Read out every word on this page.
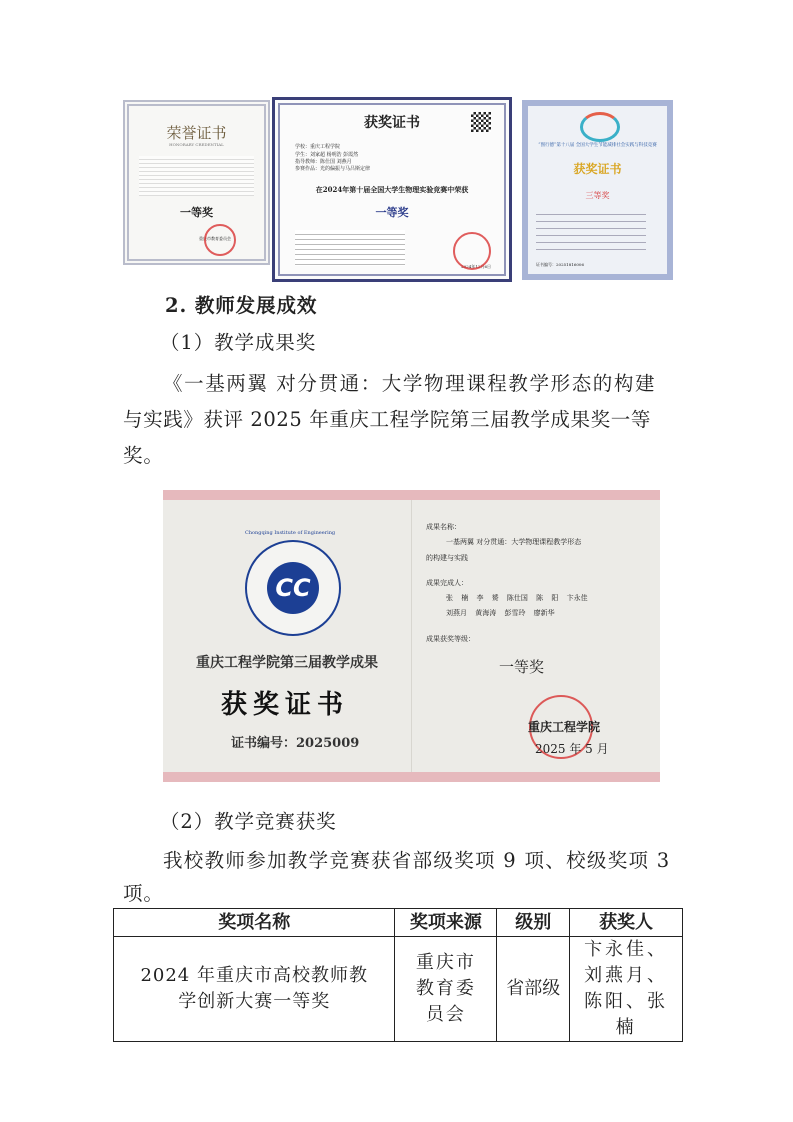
荣誉证书
HONORARY CREDENTIAL
一等奖
重庆市教育委员会
获奖证书
学校：重庆工程学院
学生：刘家超 杨明浩 彭霞然
指导教师：陈仕国 刘燕月
参赛作品：光的偏振与马吕斯定律
在2024年第十届全国大学生物理实验竞赛中荣获
一等奖
2024年12月6日
“图行德”第十八届 全国大学生节能减排社会实践与科技竞赛
获奖证书
三等奖
证书编号：20251816006
2. 教师发展成效
（1）教学成果奖
《一基两翼 对分贯通：大学物理课程教学形态的构建
与实践》获评 2025 年重庆工程学院第三届教学成果奖一等
奖。
CC
Chongqing Institute of Engineering
重庆工程学院第三届教学成果
获奖证书
证书编号：2025009
成果名称：
一基两翼 对分贯通：大学物理课程教学形态
的构建与实践
成果完成人：
张 楠 李 赟 陈仕国 陈 阳 卞永佳
刘燕月 黄海涛 彭雪玲 廖新华
成果获奖等级：
一等奖
重庆工程学院
2025 年 5 月
（2）教学竞赛获奖
我校教师参加教学竞赛获省部级奖项 9 项、校级奖项 3
项。
奖项名称	奖项来源	级别	获奖人
2024 年重庆市高校教师教学创新大赛一等奖	重庆市教育委员会	省部级	卞永佳、刘燕月、陈阳、张楠
